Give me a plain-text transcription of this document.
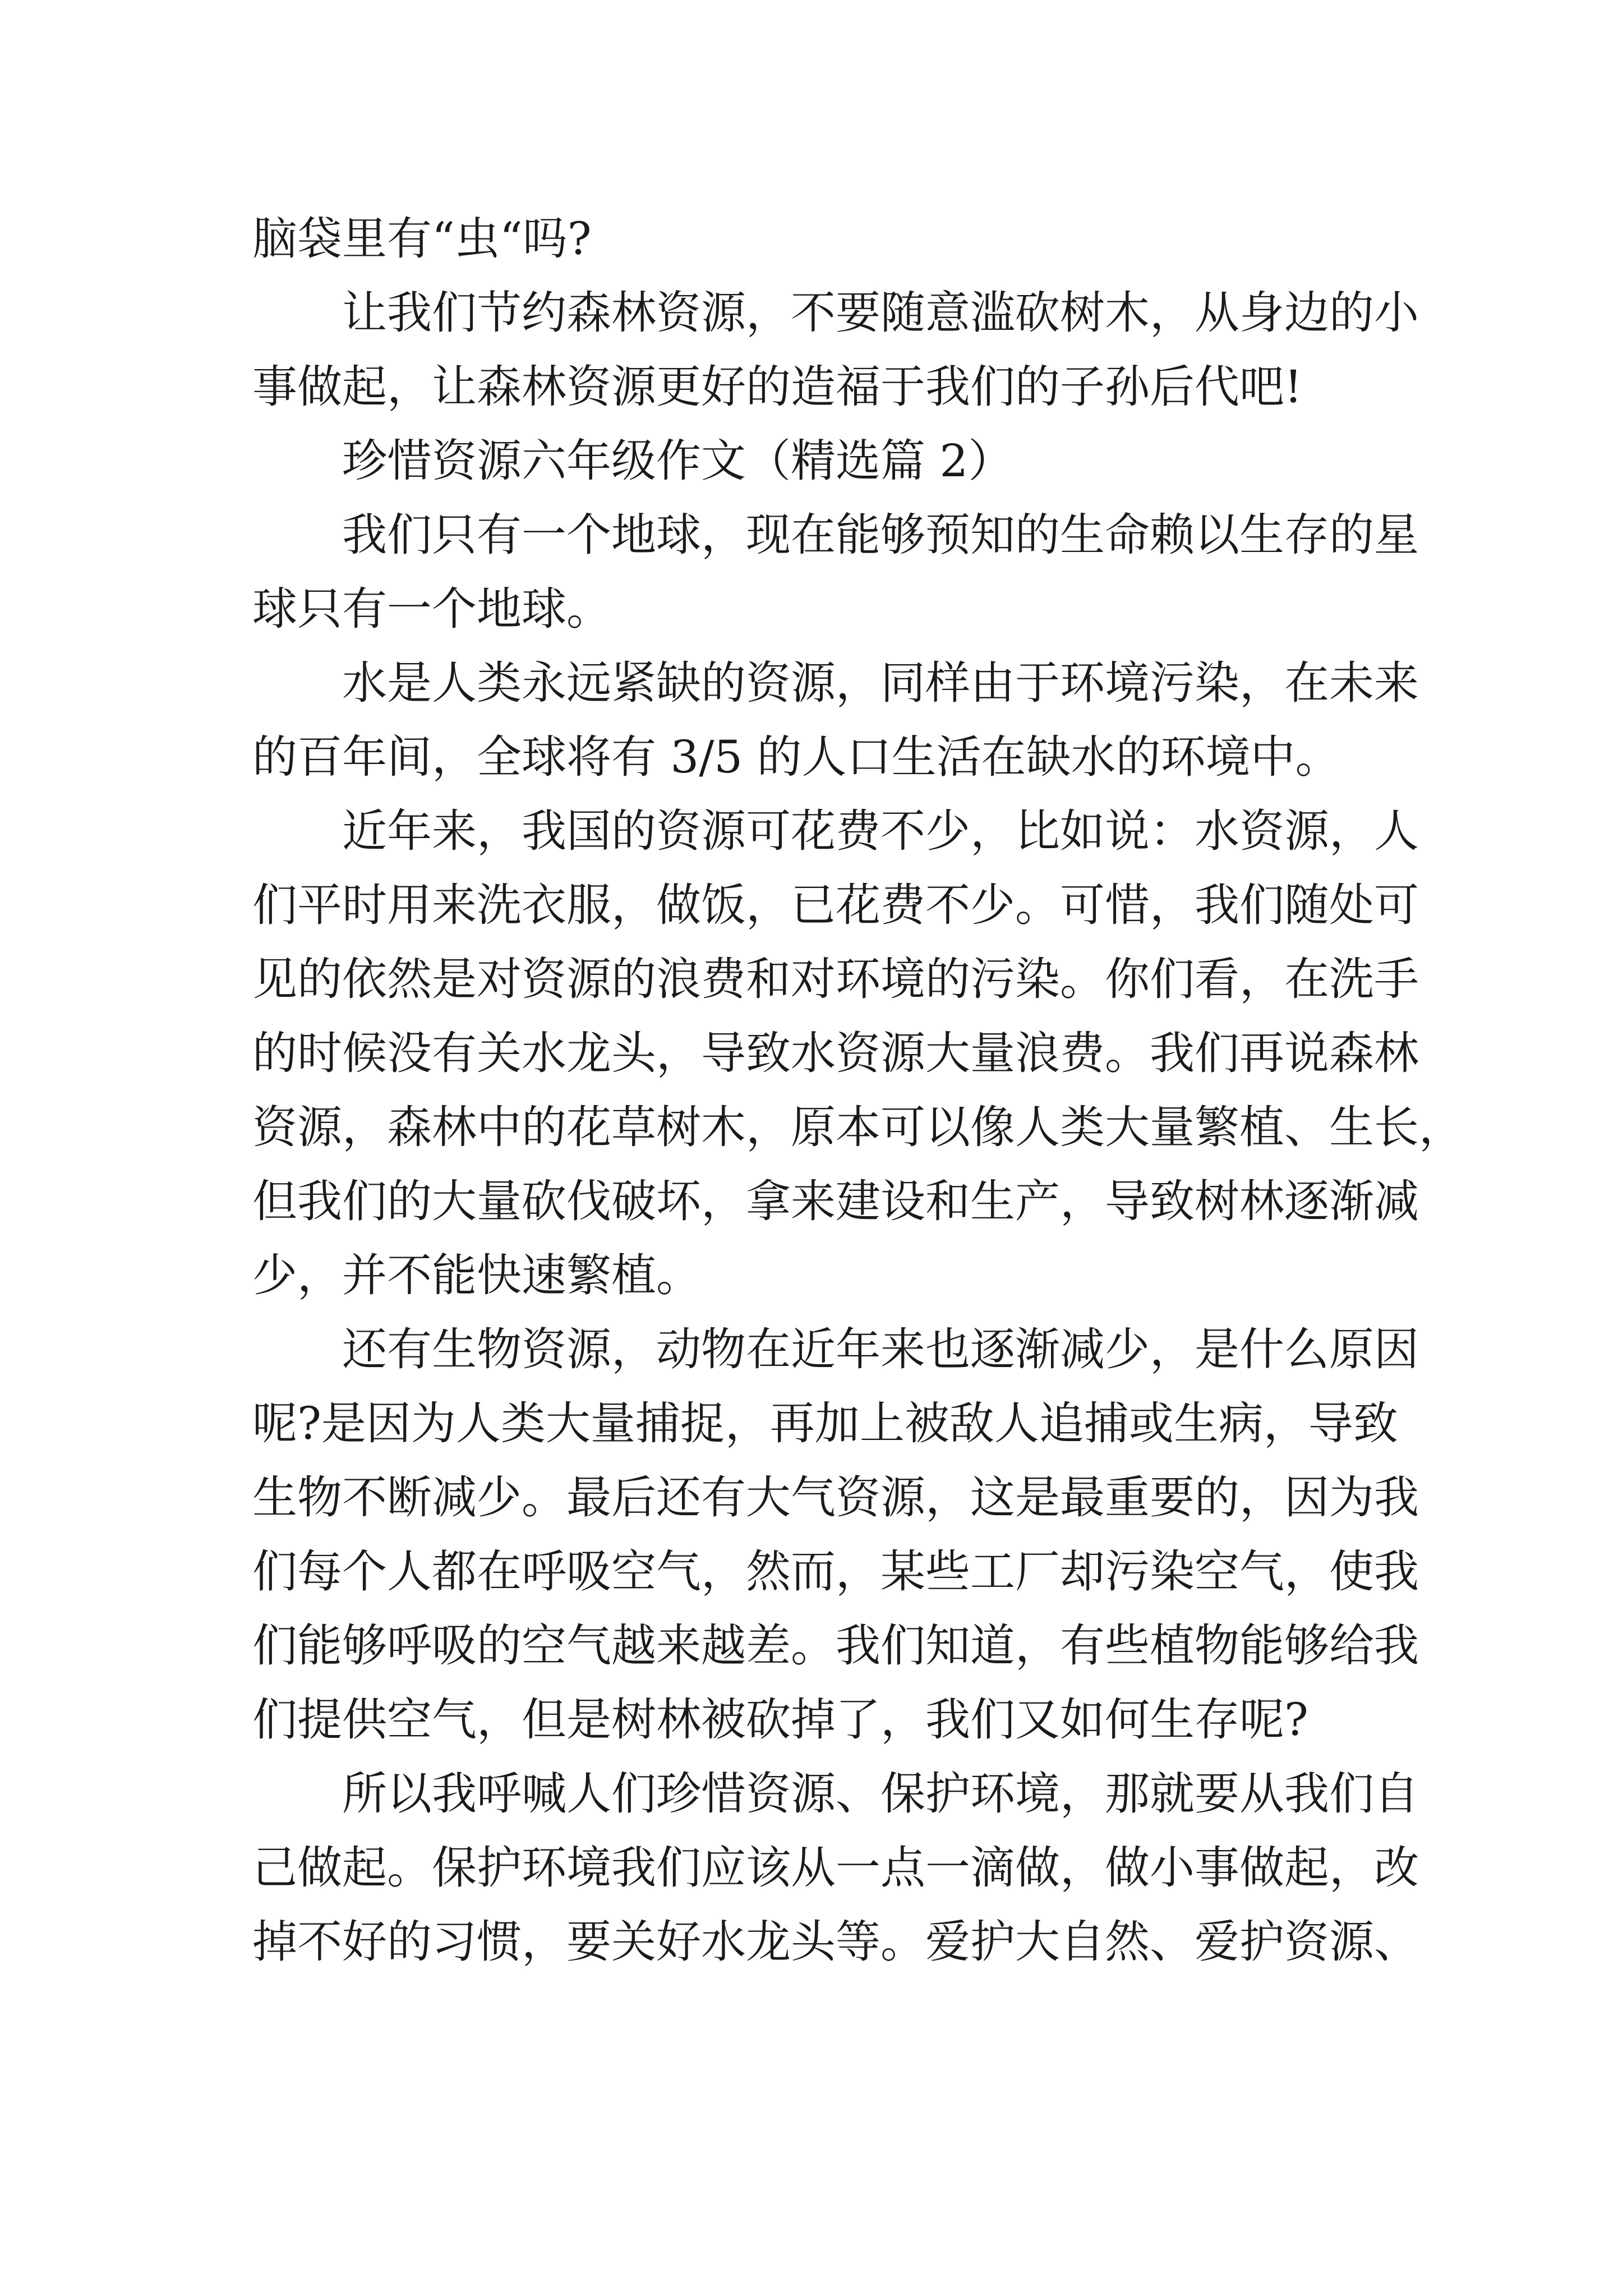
脑袋里有“虫“吗?
让我们节约森林资源，不要随意滥砍树木，从身边的小
事做起，让森林资源更好的造福于我们的子孙后代吧!
珍惜资源六年级作文（精选篇 2）
我们只有一个地球，现在能够预知的生命赖以生存的星
球只有一个地球。
水是人类永远紧缺的资源，同样由于环境污染，在未来
的百年间，全球将有 3/5 的人口生活在缺水的环境中。
近年来，我国的资源可花费不少，比如说：水资源，人
们平时用来洗衣服，做饭，已花费不少。可惜，我们随处可
见的依然是对资源的浪费和对环境的污染。你们看，在洗手
的时候没有关水龙头，导致水资源大量浪费。我们再说森林
资源，森林中的花草树木，原本可以像人类大量繁植、生长，
但我们的大量砍伐破坏，拿来建设和生产，导致树林逐渐减
少，并不能快速繁植。
还有生物资源，动物在近年来也逐渐减少，是什么原因
呢?是因为人类大量捕捉，再加上被敌人追捕或生病，导致
生物不断减少。最后还有大气资源，这是最重要的，因为我
们每个人都在呼吸空气，然而，某些工厂却污染空气，使我
们能够呼吸的空气越来越差。我们知道，有些植物能够给我
们提供空气，但是树林被砍掉了，我们又如何生存呢?
所以我呼喊人们珍惜资源、保护环境，那就要从我们自
己做起。保护环境我们应该从一点一滴做，做小事做起，改
掉不好的习惯，要关好水龙头等。爱护大自然、爱护资源、
